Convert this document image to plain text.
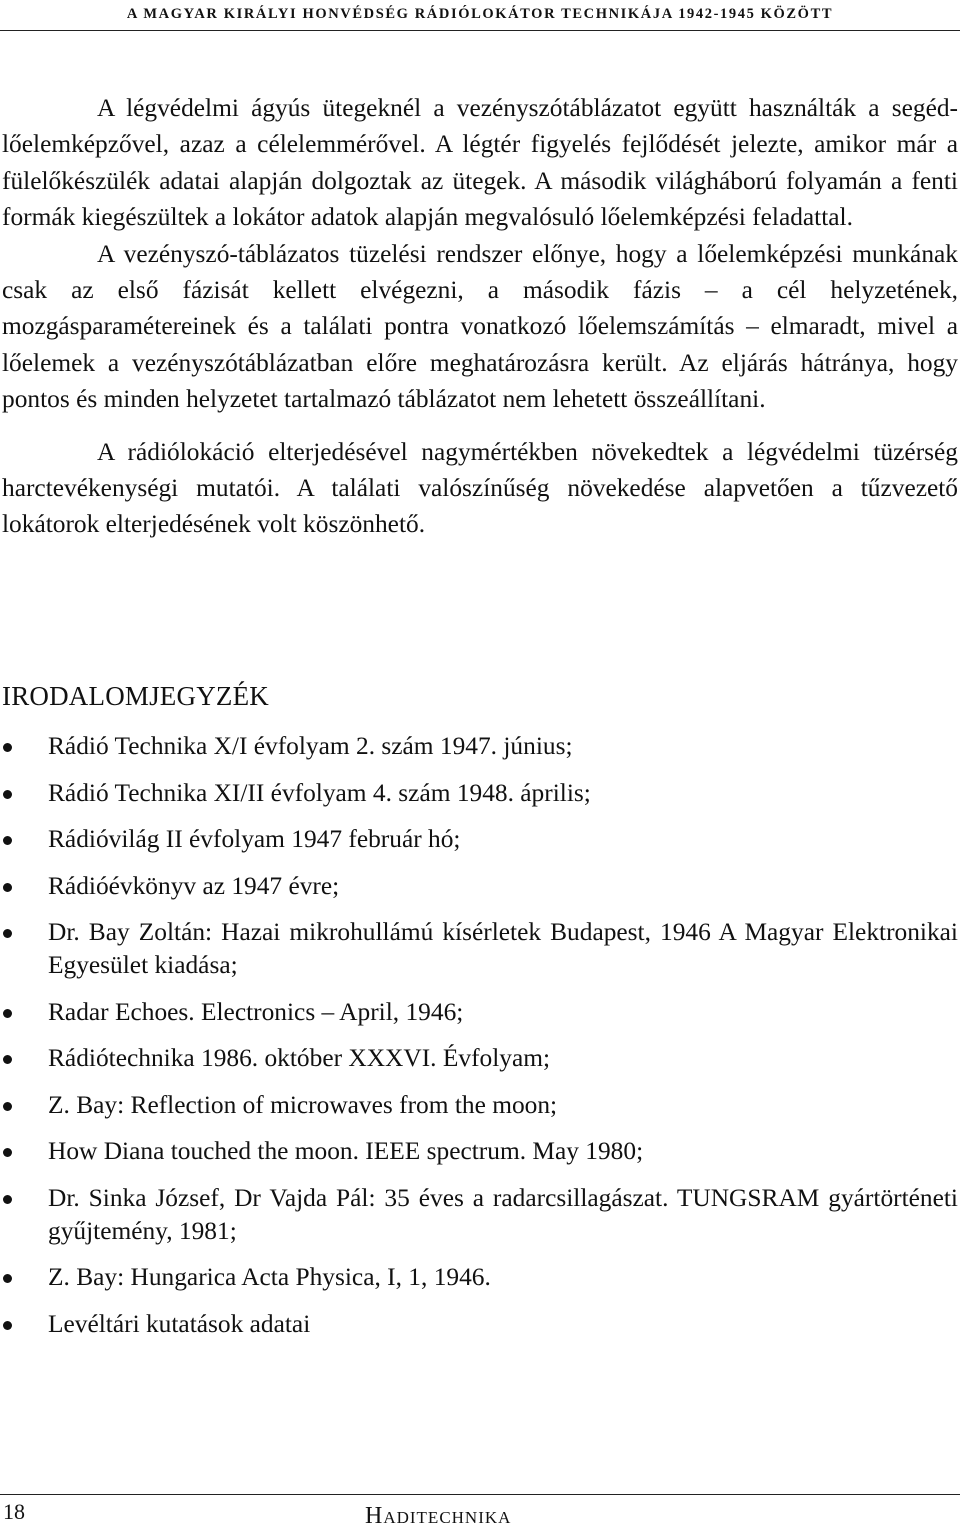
A MAGYAR KIRÁLYI HONVÉDSÉG RÁDIÓLOKÁTOR TECHNIKÁJA 1942-1945 KÖZÖTT

A légvédelmi ágyús ütegeknél a vezényszótáblázatot együtt használták a segéd-lőelemképzővel, azaz a célelemmérővel. A légtér figyelés fejlődését jelezte, amikor már a fülelőkészülék adatai alapján dolgoztak az ütegek. A második világháború folyamán a fenti formák kiegészültek a lokátor adatok alapján megvalósuló lőelemképzési feladattal.

A vezényszó-táblázatos tüzelési rendszer előnye, hogy a lőelemképzési munkának csak az első fázisát kellett elvégezni, a második fázis – a cél helyzetének, mozgásparamétereinek és a találati pontra vonatkozó lőelemszámítás – elmaradt, mivel a lőelemek a vezényszótáblázatban előre meghatározásra került. Az eljárás hátránya, hogy pontos és minden helyzetet tartalmazó táblázatot nem lehetett összeállítani.

A rádiólokáció elterjedésével nagymértékben növekedtek a légvédelmi tüzérség harctevékenységi mutatói. A találati valószínűség növekedése alapvetően a tűzvezető lokátorok elterjedésének volt köszönhető.

IRODALOMJEGYZÉK
Rádió Technika X/I évfolyam 2. szám 1947. június;
Rádió Technika XI/II évfolyam 4. szám 1948. április;
Rádióvilág II évfolyam 1947 február hó;
Rádióévkönyv az 1947 évre;
Dr. Bay Zoltán: Hazai mikrohullámú kísérletek Budapest, 1946 A Magyar Elektronikai Egyesület kiadása;
Radar Echoes. Electronics – April, 1946;
Rádiótechnika 1986. október XXXVI. Évfolyam;
Z. Bay: Reflection of microwaves from the moon;
How Diana touched the moon. IEEE spectrum. May 1980;
Dr. Sinka József, Dr Vajda Pál: 35 éves a radarcsillagászat. TUNGSRAM gyártörténeti gyűjtemény, 1981;
Z. Bay: Hungarica Acta Physica, I, 1, 1946.
Levéltári kutatások adatai
18	Haditechnika
